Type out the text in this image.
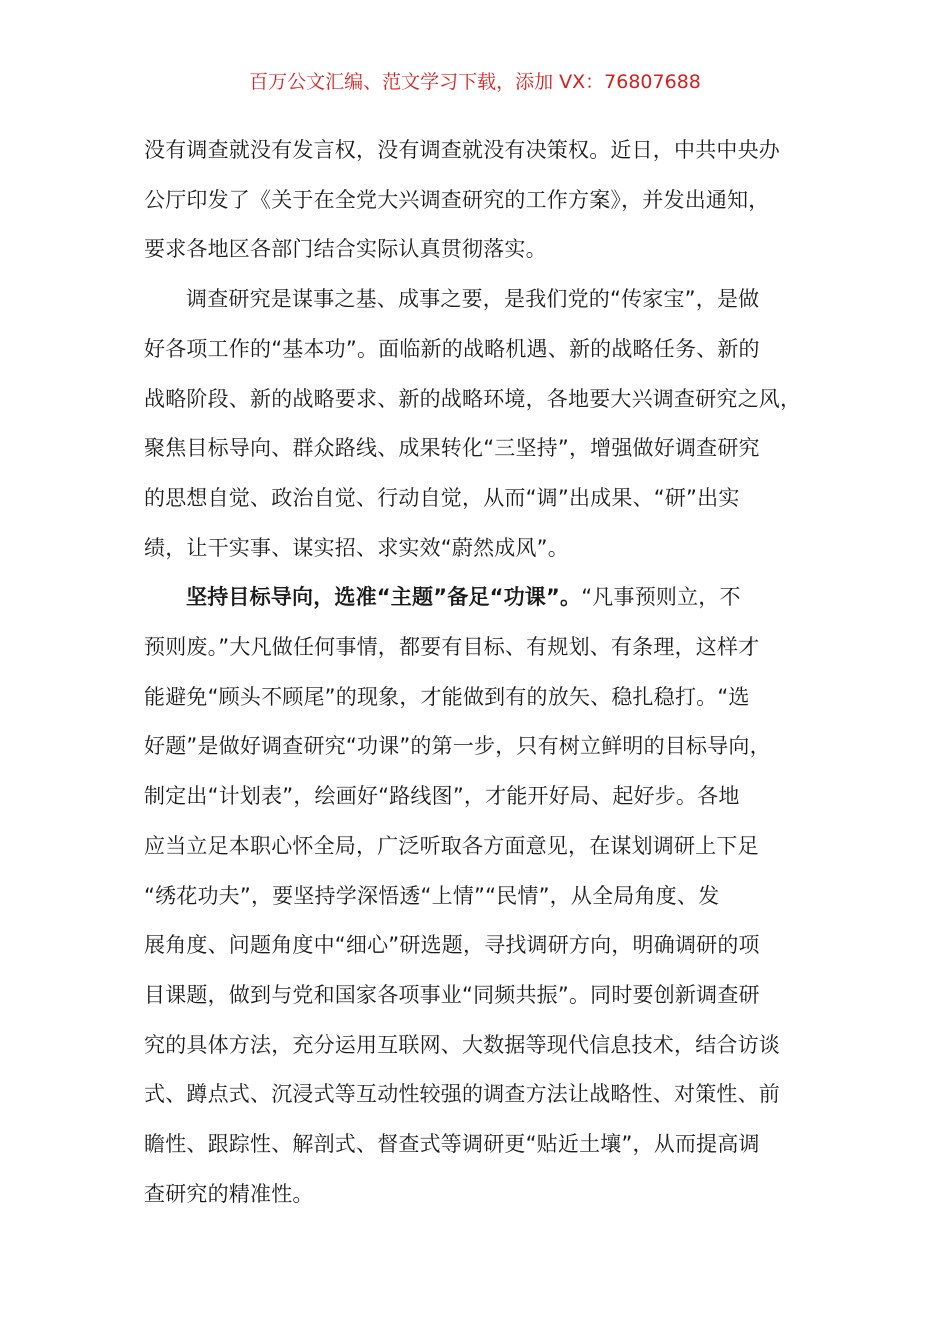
百万公文汇编、范文学习下载，添加 VX：76807688

没有调查就没有发言权，没有调查就没有决策权。近日，中共中央办
公厅印发了《关于在全党大兴调查研究的工作方案》，并发出通知，
要求各地区各部门结合实际认真贯彻落实。

调查研究是谋事之基、成事之要，是我们党的“传家宝”，是做
好各项工作的“基本功”。面临新的战略机遇、新的战略任务、新的
战略阶段、新的战略要求、新的战略环境，各地要大兴调查研究之风，
聚焦目标导向、群众路线、成果转化“三坚持”，增强做好调查研究
的思想自觉、政治自觉、行动自觉，从而“调”出成果、“研”出实
绩，让干实事、谋实招、求实效“蔚然成风”。

坚持目标导向，选准“主题”备足“功课”。“凡事预则立，不
预则废。”大凡做任何事情，都要有目标、有规划、有条理，这样才
能避免“顾头不顾尾”的现象，才能做到有的放矢、稳扎稳打。“选
好题”是做好调查研究“功课”的第一步，只有树立鲜明的目标导向，
制定出“计划表”，绘画好“路线图”，才能开好局、起好步。各地
应当立足本职心怀全局，广泛听取各方面意见，在谋划调研上下足
“绣花功夫”，要坚持学深悟透“上情”“民情”，从全局角度、发
展角度、问题角度中“细心”研选题，寻找调研方向，明确调研的项
目课题，做到与党和国家各项事业“同频共振”。同时要创新调查研
究的具体方法，充分运用互联网、大数据等现代信息技术，结合访谈
式、蹲点式、沉浸式等互动性较强的调查方法让战略性、对策性、前
瞻性、跟踪性、解剖式、督查式等调研更“贴近土壤”，从而提高调
查研究的精准性。
